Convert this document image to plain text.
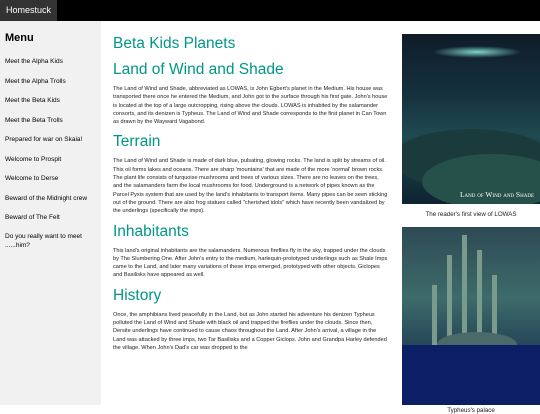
Homestuck
Menu
Meet the Alpha Kids
Meet the Alpha Trolls
Meet the Beta Kids
Meet the Beta Trolls
Prepared for war on Skaia!
Welcome to Prospit
Welcome to Derse
Beward of the Midnight crew
Beward of The Felt
Do you really want to meet ......him?
Beta Kids Planets
Land of Wind and Shade

The Land of Wind and Shade, abbreviated as LOWAS, is John Egbert's planet in the Medium. His house was transported there once he entered the Medium, and John got to the surface through his first gate. John's house is located at the top of a large outcropping, rising above the clouds. LOWAS is inhabited by the salamander consorts, and its denizen is Typheus. The Land of Wind and Shade corresponds to the first planet in Can Town as drawn by the Wayward Vagabond.

Terrain

The Land of Wind and Shade is made of dark blue, pulsating, glowing rocks. The land is split by streams of oil. This oil forms lakes and oceans. There are sharp 'mountains' that are made of the more 'normal' brown rocks. The plant life consists of turquoise mushrooms and trees of various sizes. There are no leaves on the trees, and the salamanders farm the local mushrooms for food. Underground is a network of pipes known as the Parcel Pyxis system that are used by the land's inhabitants to transport items. Many pipes can be seen sticking out of the ground. There are also frog statues called "cherished idols" which have recently been vandalized by the underlings (specifically the imps).

Inhabitants

This land's original inhabitants are the salamanders. Numerous fireflies fly in the sky, trapped under the clouds by The Slumbering One. After John's entry to the medium, harlequin-prototyped underlings such as Shale Imps came to the Land, and later many variations of these imps emerged, prototyped with other objects. Giclopes and Basilisks have appeared as well.

History

Once, the amphibians lived peacefully in the Land, but as John started his adventure his denizen Typheus polluted the Land of Wind and Shade with black oil and trapped the fireflies under the clouds. Since then, Dersite underlings have continued to cause chaos throughout the Land. After John's arrival, a village in the Land was attacked by three imps, two Tar Basilisks and a Copper Giclops. John and Grandpa Harley defended the village. When John's Dad's car was dropped to the

Land of Wind and Shade
The reader's first view of LOWAS
Typheus's palace
